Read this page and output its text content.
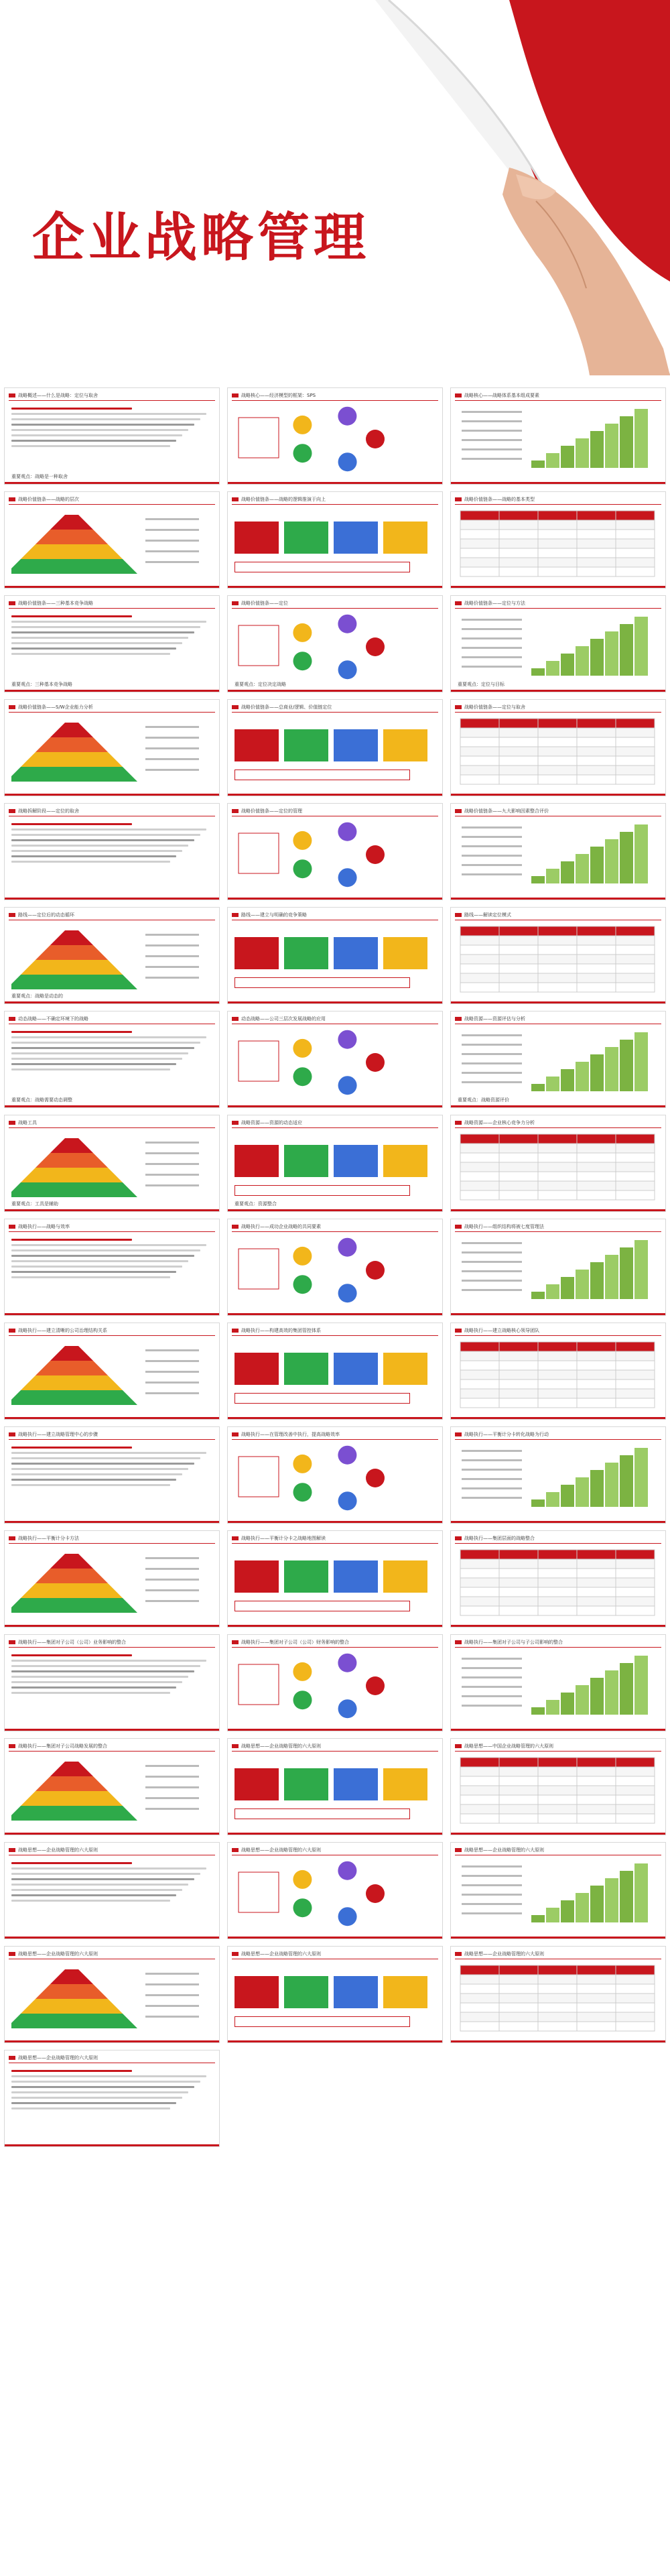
企业战略管理
战略概述——什么是战略：定位与取舍
重要观点：战略是一种取舍
战略核心——经济模型的框架：SPS	战略核心——战略体系基本组成要素
战略价值链条——战略的层次	战略价值链条——战略的逻辑推演于向上	战略价值链条——战略的基本类型
战略价值链条——三种基本竞争战略
重要观点：三种基本竞争战略
战略价值链条——定位
重要观点：定位决定战略
战略价值链条——定位与方法
重要观点：定位与目标
战略价值链条——S/W企业能力分析	战略价值链条——总商业/逻辑、价值链定位	战略价值链条——定位与取舍
战略拆解阶段——定位的取舍	战略价值链条——定位的管理	战略价值链条——九大影响因素整合评价
路线——定位后的动态循环
重要观点：战略是动态的
路线——建立与明确的竞争策略	路线——解读定位模式
动态战略——不确定环境下的战略
重要观点：战略需要动态调整
动态战略——公司三层次发展战略的应用	战略资源——资源评估与分析
重要观点：战略资源评价
战略工具
重要观点：工具是辅助
战略资源——资源的动态适应
重要观点：资源整合
战略资源——企业核心竞争力分析
战略执行——战略与效率	战略执行——成功企业战略的共同要素	战略执行——组织结构将被七度管理法
战略执行——建立清晰的公司治理结构关系	战略执行——构建高效的集团管控体系	战略执行——建立战略核心领导团队
战略执行——建立战略管理中心的步骤	战略执行——在管理改善中执行，提高战略效率	战略执行——平衡计分卡转化战略为行动
战略执行——平衡计分卡方法	战略执行——平衡计分卡之战略地图解读	战略执行——集团层面的战略整合
战略执行——集团对子公司（公司）业务影响的整合	战略执行——集团对子公司（公司）财务影响的整合	战略执行——集团对子公司与子公司影响的整合
战略执行——集团对子公司战略发展的整合	战略思想——企业战略管理的六大原则	战略思想——中国企业战略管理的六大原则
战略思想——企业战略管理的六大原则	战略思想——企业战略管理的六大原则	战略思想——企业战略管理的六大原则
战略思想——企业战略管理的六大原则	战略思想——企业战略管理的六大原则	战略思想——企业战略管理的六大原则
战略思想——企业战略管理的六大原则
